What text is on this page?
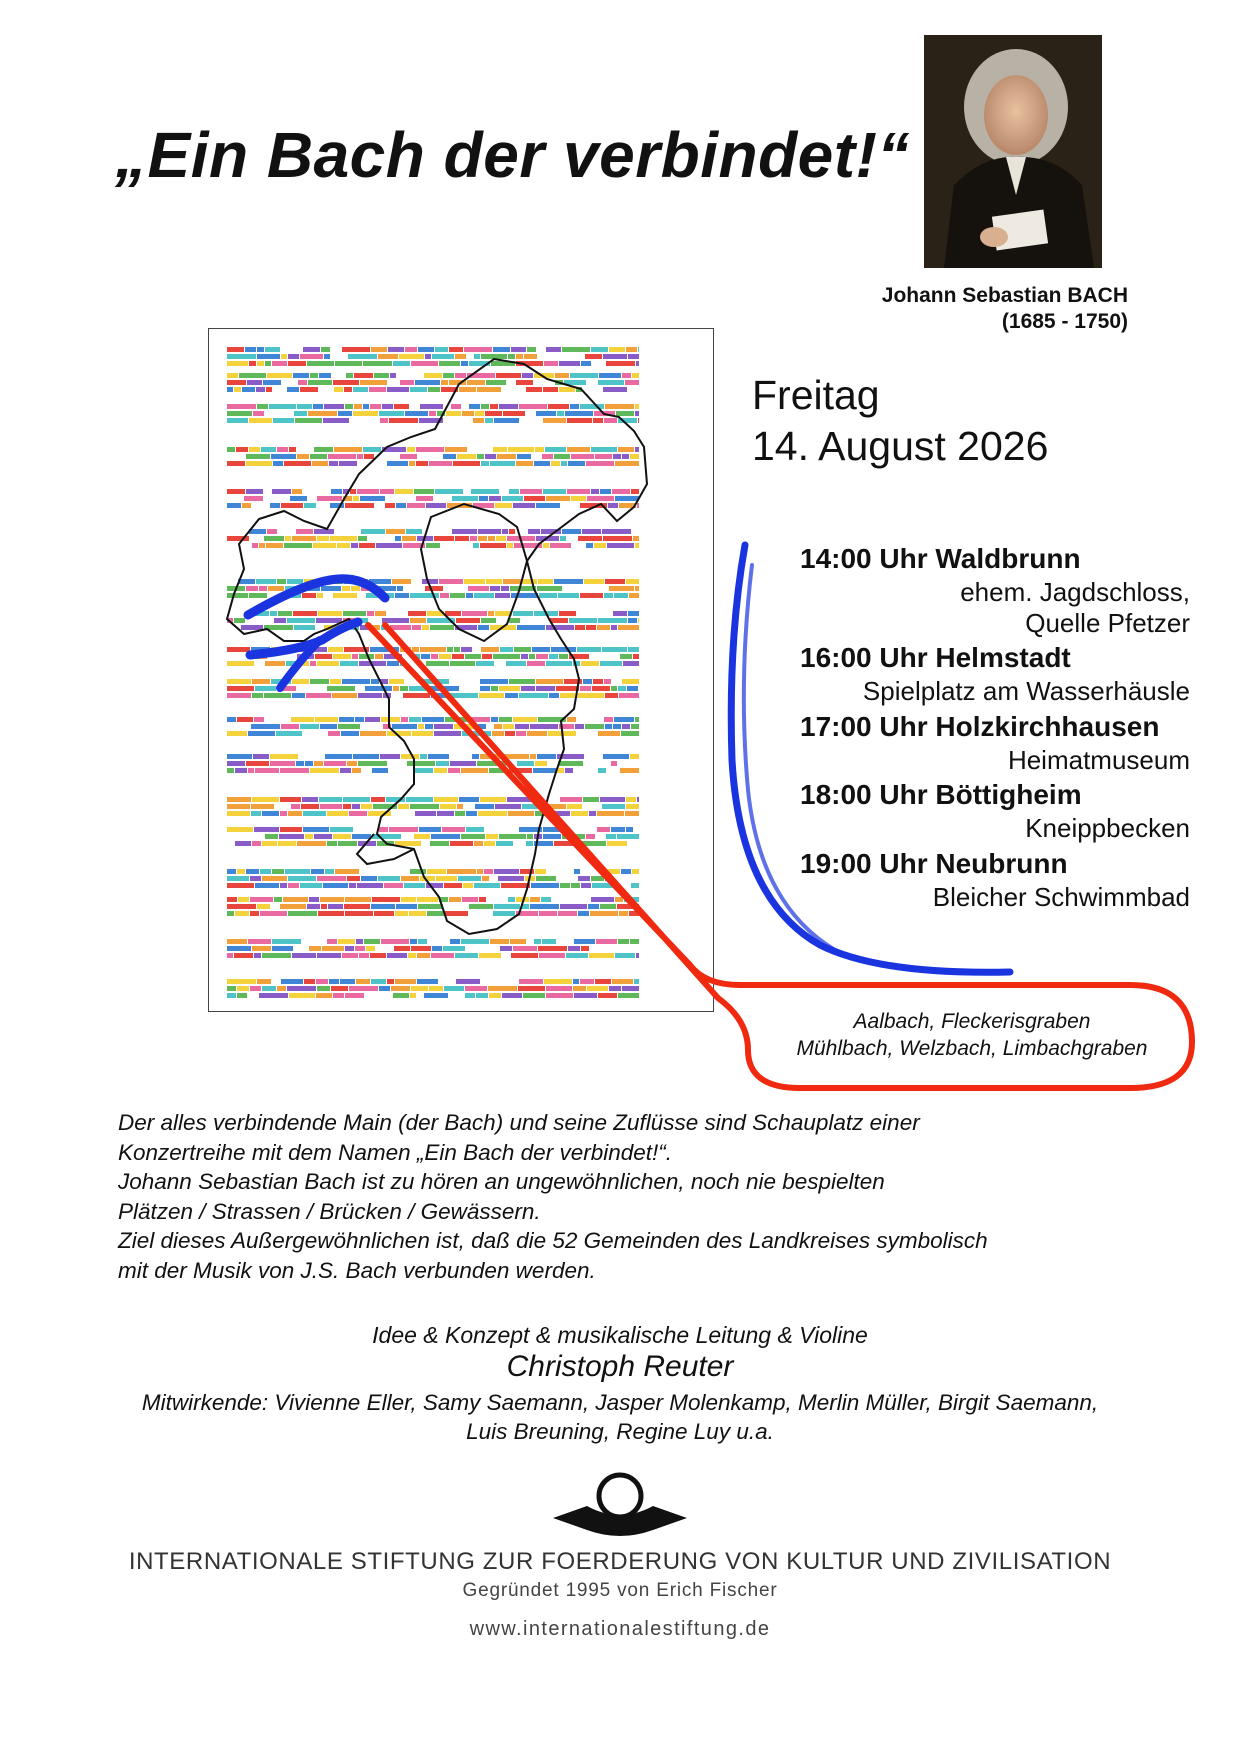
„Ein Bach der verbindet!“
Johann Sebastian BACH
(1685 - 1750)
Freitag
14. August 2026
14:00 Uhr Waldbrunn
ehem. Jagdschloss,
Quelle Pfetzer
16:00 Uhr Helmstadt
Spielplatz am Wasserhäusle
17:00 Uhr Holzkirchhausen
Heimatmuseum
18:00 Uhr Böttigheim
Kneippbecken
19:00 Uhr Neubrunn
Bleicher Schwimmbad
Aalbach, Fleckerisgraben
Mühlbach, Welzbach, Limbachgraben
Der alles verbindende Main (der Bach) und seine Zuflüsse sind Schauplatz einer
Konzertreihe mit dem Namen „Ein Bach der verbindet!“.
Johann Sebastian Bach ist zu hören an ungewöhnlichen, noch nie bespielten
Plätzen / Strassen / Brücken / Gewässern.
Ziel dieses Außergewöhnlichen ist, daß die 52 Gemeinden des Landkreises symbolisch
mit der Musik von J.S. Bach verbunden werden.
Idee & Konzept & musikalische Leitung & Violine
Christoph Reuter
Mitwirkende: Vivienne Eller, Samy Saemann, Jasper Molenkamp, Merlin Müller, Birgit Saemann, Luis Breuning, Regine Luy u.a.
INTERNATIONALE STIFTUNG ZUR FOERDERUNG VON KULTUR UND ZIVILISATION
Gegründet 1995 von Erich Fischer
www.internationalestiftung.de
